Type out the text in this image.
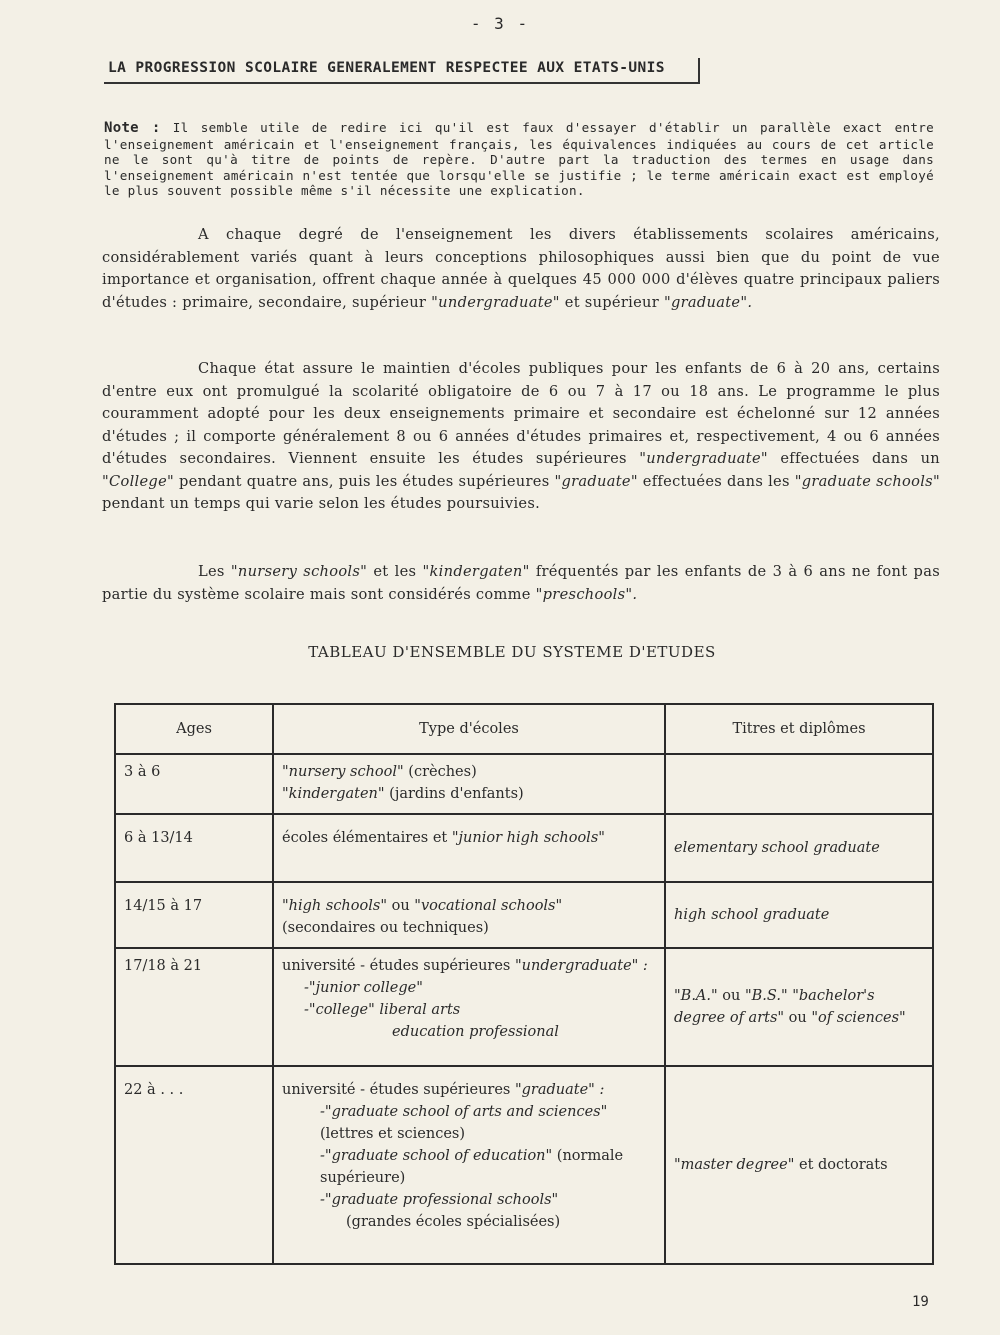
- 3 -
LA PROGRESSION SCOLAIRE GENERALEMENT RESPECTEE AUX ETATS-UNIS
Note : Il semble utile de redire ici qu'il est faux d'essayer d'établir un parallèle exact entre l'enseignement américain et l'enseignement français, les équivalences indiquées au cours de cet article ne le sont qu'à titre de points de repère. D'autre part la traduction des termes en usage dans l'enseignement américain n'est tentée que lorsqu'elle se justifie ; le terme américain exact est employé le plus souvent possible même s'il nécessite une explication.
A chaque degré de l'enseignement les divers établissements scolaires américains, considérablement variés quant à leurs conceptions philosophiques aussi bien que du point de vue importance et organisation, offrent chaque année à quelques 45 000 000 d'élèves quatre principaux paliers d'études : primaire, secondaire, supérieur "undergraduate" et supérieur "graduate".
Chaque état assure le maintien d'écoles publiques pour les enfants de 6 à 20 ans, certains d'entre eux ont promulgué la scolarité obligatoire de 6 ou 7 à 17 ou 18 ans. Le programme le plus couramment adopté pour les deux enseignements primaire et secondaire est échelonné sur 12 années d'études ; il comporte généralement 8 ou 6 années d'études primaires et, respectivement, 4 ou 6 années d'études secondaires. Viennent ensuite les études supérieures "undergraduate" effectuées dans un "College" pendant quatre ans, puis les études supérieures "graduate" effectuées dans les "graduate schools" pendant un temps qui varie selon les études poursuivies.
Les "nursery schools" et les "kindergaten" fréquentés par les enfants de 3 à 6 ans ne font pas partie du système scolaire mais sont considérés comme "preschools".
TABLEAU D'ENSEMBLE DU SYSTEME D'ETUDES
Ages	Type d'écoles	Titres et diplômes
3 à 6	"nursery school" (crèches)
"kindergaten" (jardins d'enfants)	

6 à 13/14	écoles élémentaires et "junior high schools"	elementary school graduate
14/15 à 17	"high schools" ou "vocational schools"
(secondaires ou techniques)	high school graduate
17/18 à 21	université - études supérieures "undergraduate" :
-"junior college"
-"college" liberal arts
education professional	"B.A." ou "B.S." "bachelor's degree of arts" ou "of sciences"
22 à . . .	université - études supérieures "graduate" :
-"graduate school of arts and sciences" (lettres et sciences)
-"graduate school of education" (normale supérieure)
-"graduate professional schools"
(grandes écoles spécialisées)	"master degree" et doctorats
19
